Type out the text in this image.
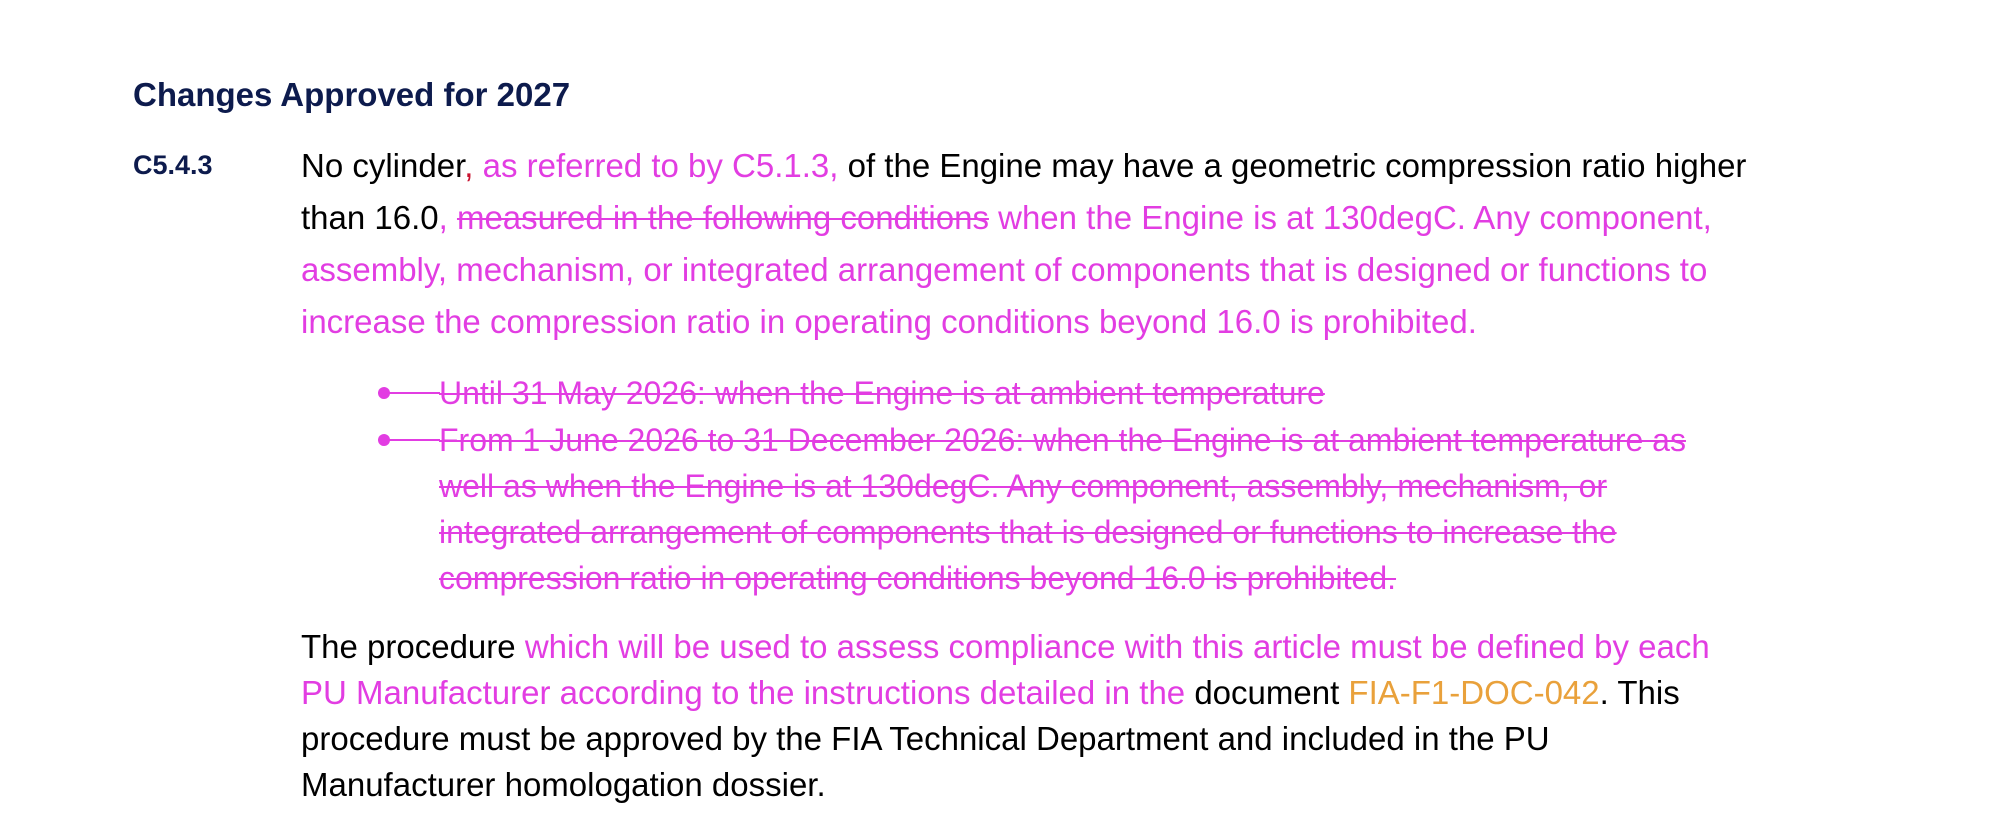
Changes Approved for 2027
C5.4.3	No cylinder, as referred to by C5.1.3, of the Engine may have a geometric compression ratio higher
than 16.0, measured in the following conditions when the Engine is at 130degC. Any component,
assembly, mechanism, or integrated arrangement of components that is designed or functions to
increase the compression ratio in operating conditions beyond 16.0 is prohibited.
Until 31 May 2026: when the Engine is at ambient temperature
From 1 June 2026 to 31 December 2026: when the Engine is at ambient temperature as
well as when the Engine is at 130degC. Any component, assembly, mechanism, or
integrated arrangement of components that is designed or functions to increase the
compression ratio in operating conditions beyond 16.0 is prohibited.
The procedure which will be used to assess compliance with this article must be defined by each
PU Manufacturer according to the instructions detailed in the document FIA-F1-DOC-042. This
procedure must be approved by the FIA Technical Department and included in the PU
Manufacturer homologation dossier.
